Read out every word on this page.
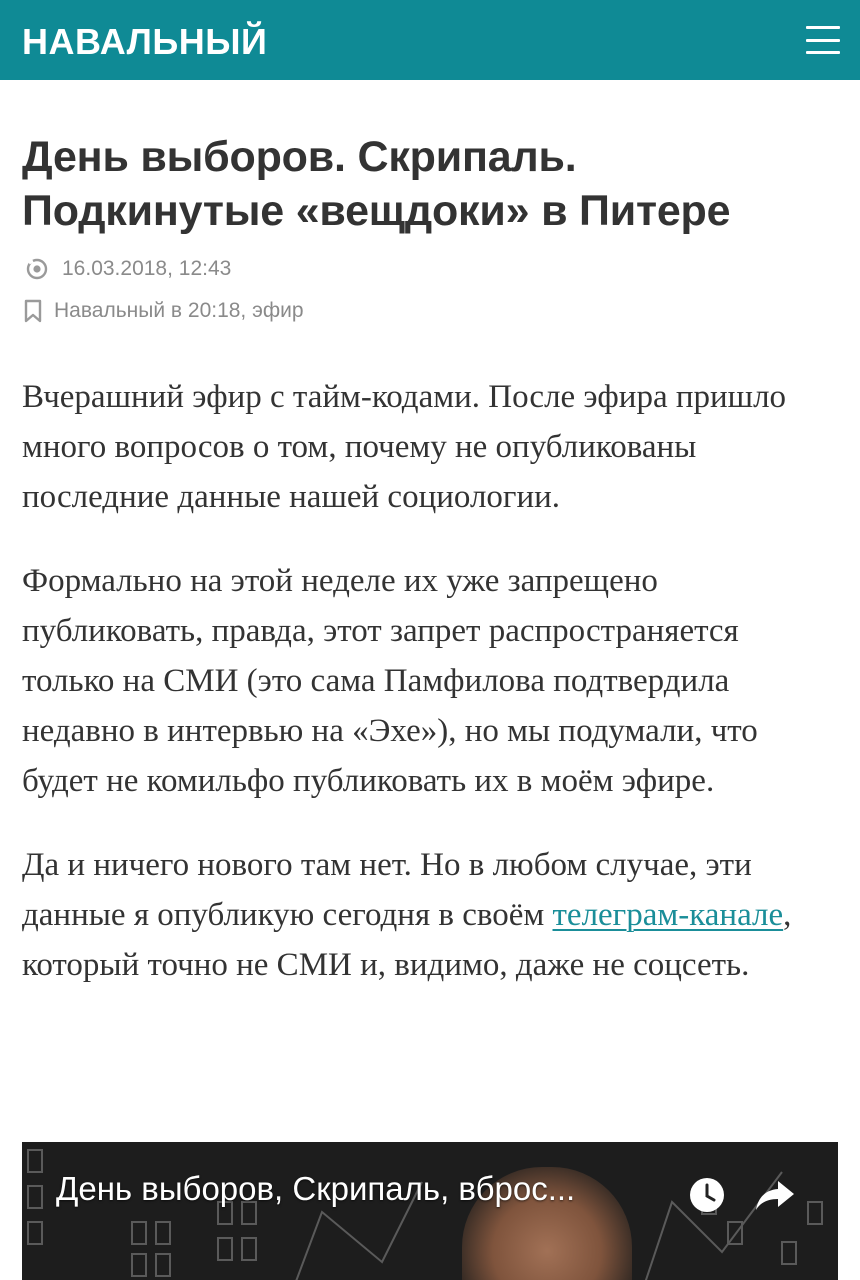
НАВАЛЬНЫЙ
День выборов. Скрипаль. Подкинутые «вещдоки» в Питере
16.03.2018, 12:43
Навальный в 20:18, эфир

Вчерашний эфир с тайм-кодами. После эфира пришло много вопросов о том, почему не опубликованы последние данные нашей социологии.

Формально на этой неделе их уже запрещено публиковать, правда, этот запрет распространяется только на СМИ (это сама Памфилова подтвердила недавно в интервью на «Эхе»), но мы подумали, что будет не комильфо публиковать их в моём эфире.

Да и ничего нового там нет. Но в любом случае, эти данные я опубликую сегодня в своём телеграм-канале, который точно не СМИ и, видимо, даже не соцсеть.

День выборов, Скрипаль, вброс...
